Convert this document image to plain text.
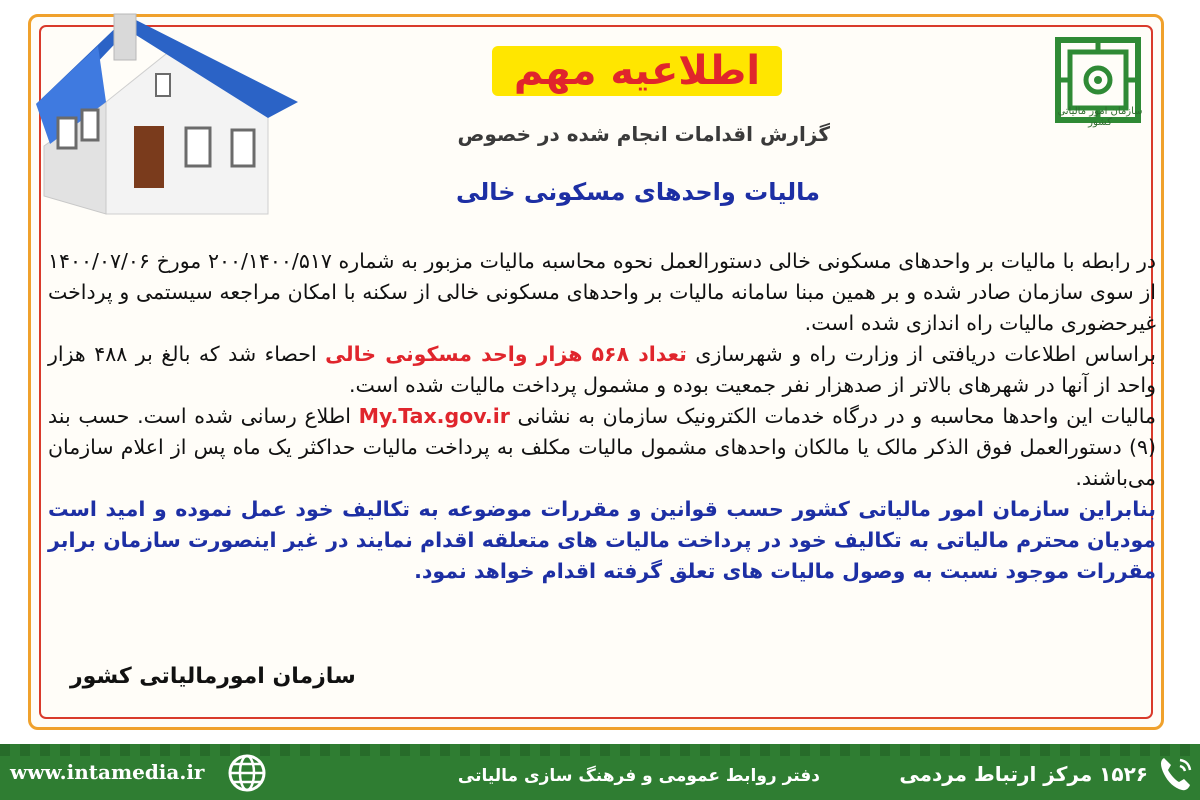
سازمان امور مالیاتی کشور
اطلاعیه مهم
گزارش اقدامات انجام شده در خصوص
مالیات واحدهای مسکونی خالی

در رابطه با مالیات بر واحدهای مسکونی خالی دستورالعمل نحوه محاسبه مالیات مزبور به شماره ۲۰۰/۱۴۰۰/۵۱۷ مورخ ۱۴۰۰/۰۷/۰۶ از سوی سازمان صادر شده و بر همین مبنا سامانه مالیات بر واحدهای مسکونی خالی از سکنه با امکان مراجعه سیستمی و پرداخت غیرحضوری مالیات راه اندازی شده است.

براساس اطلاعات دریافتی از وزارت راه و شهرسازی تعداد ۵۶۸ هزار واحد مسکونی خالی احصاء شد که بالغ بر ۴۸۸ هزار واحد از آنها در شهرهای بالاتر از صدهزار نفر جمعیت بوده و مشمول پرداخت مالیات شده است.

مالیات این واحدها محاسبه و در درگاه خدمات الکترونیک سازمان به نشانی My.Tax.gov.ir اطلاع رسانی شده است. حسب بند (۹) دستورالعمل فوق الذکر مالک یا مالکان واحدهای مشمول مالیات مکلف به پرداخت مالیات حداکثر یک ماه پس از اعلام سازمان می‌باشند.

بنابراین سازمان امور مالیاتی کشور حسب قوانین و مقررات موضوعه به تکالیف خود عمل نموده و امید است مودیان محترم مالیاتی به تکالیف خود در پرداخت مالیات های متعلقه اقدام نمایند در غیر اینصورت سازمان برابر مقررات موجود نسبت به وصول مالیات های تعلق گرفته اقدام خواهد نمود.

سازمان امورمالیاتی کشور
www.intamedia.ir	دفتر روابط عمومی و فرهنگ سازی مالیاتی	۱۵۲۶ مرکز ارتباط مردمی
